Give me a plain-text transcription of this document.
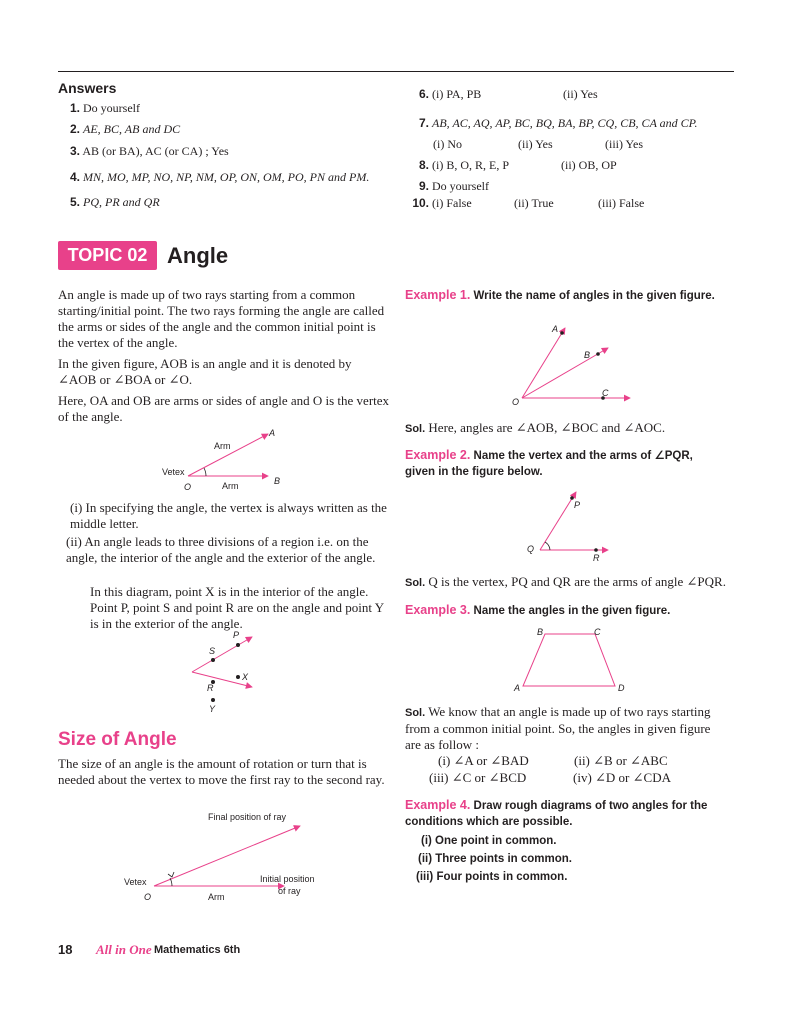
Answers
1. Do yourself
2. AE, BC, AB and DC
3. AB (or BA), AC (or CA) ; Yes
4. MN, MO, MP, NO, NP, NM, OP, ON, OM, PO, PN and PM.
5. PQ, PR and QR
6. (i) PA, PB	(ii) Yes
7. AB, AC, AQ, AP, BC, BQ, BA, BP, CQ, CB, CA and CP.
(i) No	(ii) Yes	(iii) Yes
8. (i) B, O, R, E, P	(ii) OB, OP
9. Do yourself
10. (i) False	(ii) True	(iii) False
TOPIC 02 Angle
An angle is made up of two rays starting from a common starting/initial point. The two rays forming the angle are called the arms or sides of the angle and the common initial point is the vertex of the angle.
In the given figure, AOB is an angle and it is denoted by ∠AOB or ∠BOA or ∠O.
Here, OA and OB are arms or sides of angle and O is the vertex of the angle.
Arm
A
Vetex
B
O	Arm
(i) In specifying the angle, the vertex is always written as the middle letter.
(ii) An angle leads to three divisions of a region i.e. on the angle, the interior of the angle and the exterior of the angle.
In this diagram, point X is in the interior of the angle. Point P, point S and point R are on the angle and point Y is in the exterior of the angle.
P
S
X
R
Y
Size of Angle
The size of an angle is the amount of rotation or turn that is needed about the vertex to move the first ray to the second ray.
Final position of ray
Initial position
of ray
Vetex
Arm
O
Example 1. Write the name of angles in the given figure.
A
B
C
O
Sol. Here, angles are ∠AOB, ∠BOC and ∠AOC.
Example 2. Name the vertex and the arms of ∠PQR, given in the figure below.
P
Q
R
Sol. Q is the vertex, PQ and QR are the arms of angle ∠PQR.
Example 3. Name the angles in the given figure.
B	C
A	D
Sol. We know that an angle is made up of two rays starting from a common initial point. So, the angles in given figure are as follow :
(i) ∠A or ∠BAD	(ii) ∠B or ∠ABC
(iii) ∠C or ∠BCD	(iv) ∠D or ∠CDA
Example 4. Draw rough diagrams of two angles for the conditions which are possible.
(i) One point in common.
(ii) Three points in common.
(iii) Four points in common.
18 All in One Mathematics 6th
